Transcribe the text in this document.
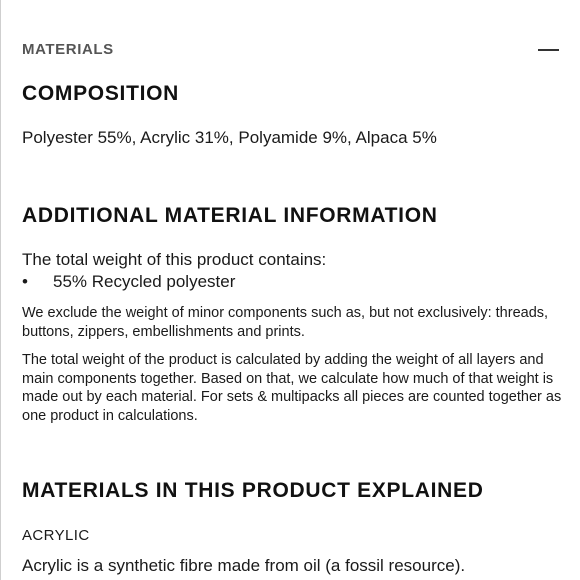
MATERIALS
COMPOSITION
Polyester 55%, Acrylic 31%, Polyamide 9%, Alpaca 5%
ADDITIONAL MATERIAL INFORMATION
The total weight of this product contains:
• 55% Recycled polyester
We exclude the weight of minor components such as, but not exclusively: threads, buttons, zippers, embellishments and prints.
The total weight of the product is calculated by adding the weight of all layers and main components together. Based on that, we calculate how much of that weight is made out by each material. For sets & multipacks all pieces are counted together as one product in calculations.
MATERIALS IN THIS PRODUCT EXPLAINED
ACRYLIC
Acrylic is a synthetic fibre made from oil (a fossil resource).
